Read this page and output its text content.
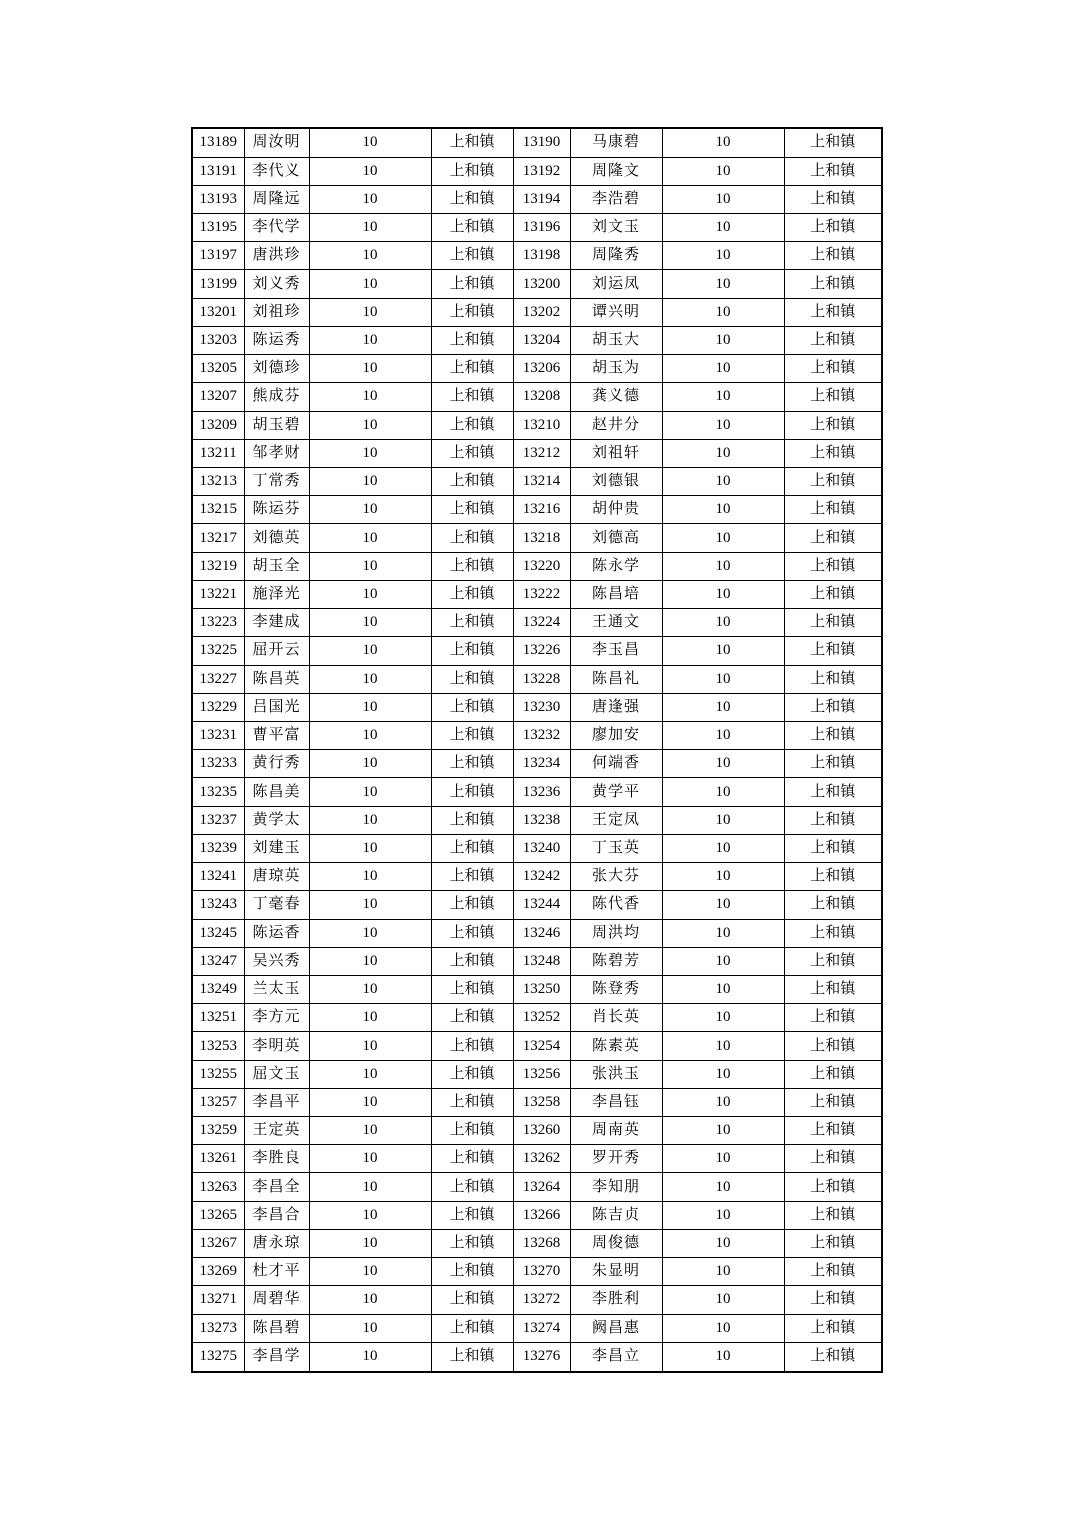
13189	周汝明	10	上和镇	13190	马康碧	10	上和镇
13191	李代义	10	上和镇	13192	周隆文	10	上和镇
13193	周隆远	10	上和镇	13194	李浩碧	10	上和镇
13195	李代学	10	上和镇	13196	刘文玉	10	上和镇
13197	唐洪珍	10	上和镇	13198	周隆秀	10	上和镇
13199	刘义秀	10	上和镇	13200	刘运凤	10	上和镇
13201	刘祖珍	10	上和镇	13202	谭兴明	10	上和镇
13203	陈运秀	10	上和镇	13204	胡玉大	10	上和镇
13205	刘德珍	10	上和镇	13206	胡玉为	10	上和镇
13207	熊成芬	10	上和镇	13208	龚义德	10	上和镇
13209	胡玉碧	10	上和镇	13210	赵井分	10	上和镇
13211	邹孝财	10	上和镇	13212	刘祖轩	10	上和镇
13213	丁常秀	10	上和镇	13214	刘德银	10	上和镇
13215	陈运芬	10	上和镇	13216	胡仲贵	10	上和镇
13217	刘德英	10	上和镇	13218	刘德高	10	上和镇
13219	胡玉全	10	上和镇	13220	陈永学	10	上和镇
13221	施泽光	10	上和镇	13222	陈昌培	10	上和镇
13223	李建成	10	上和镇	13224	王通文	10	上和镇
13225	屈开云	10	上和镇	13226	李玉昌	10	上和镇
13227	陈昌英	10	上和镇	13228	陈昌礼	10	上和镇
13229	吕国光	10	上和镇	13230	唐逢强	10	上和镇
13231	曹平富	10	上和镇	13232	廖加安	10	上和镇
13233	黄行秀	10	上和镇	13234	何端香	10	上和镇
13235	陈昌美	10	上和镇	13236	黄学平	10	上和镇
13237	黄学太	10	上和镇	13238	王定凤	10	上和镇
13239	刘建玉	10	上和镇	13240	丁玉英	10	上和镇
13241	唐琼英	10	上和镇	13242	张大芬	10	上和镇
13243	丁毫春	10	上和镇	13244	陈代香	10	上和镇
13245	陈运香	10	上和镇	13246	周洪均	10	上和镇
13247	吴兴秀	10	上和镇	13248	陈碧芳	10	上和镇
13249	兰太玉	10	上和镇	13250	陈登秀	10	上和镇
13251	李方元	10	上和镇	13252	肖长英	10	上和镇
13253	李明英	10	上和镇	13254	陈素英	10	上和镇
13255	屈文玉	10	上和镇	13256	张洪玉	10	上和镇
13257	李昌平	10	上和镇	13258	李昌钰	10	上和镇
13259	王定英	10	上和镇	13260	周南英	10	上和镇
13261	李胜良	10	上和镇	13262	罗开秀	10	上和镇
13263	李昌全	10	上和镇	13264	李知朋	10	上和镇
13265	李昌合	10	上和镇	13266	陈吉贞	10	上和镇
13267	唐永琼	10	上和镇	13268	周俊德	10	上和镇
13269	杜才平	10	上和镇	13270	朱显明	10	上和镇
13271	周碧华	10	上和镇	13272	李胜利	10	上和镇
13273	陈昌碧	10	上和镇	13274	阙昌惠	10	上和镇
13275	李昌学	10	上和镇	13276	李昌立	10	上和镇
